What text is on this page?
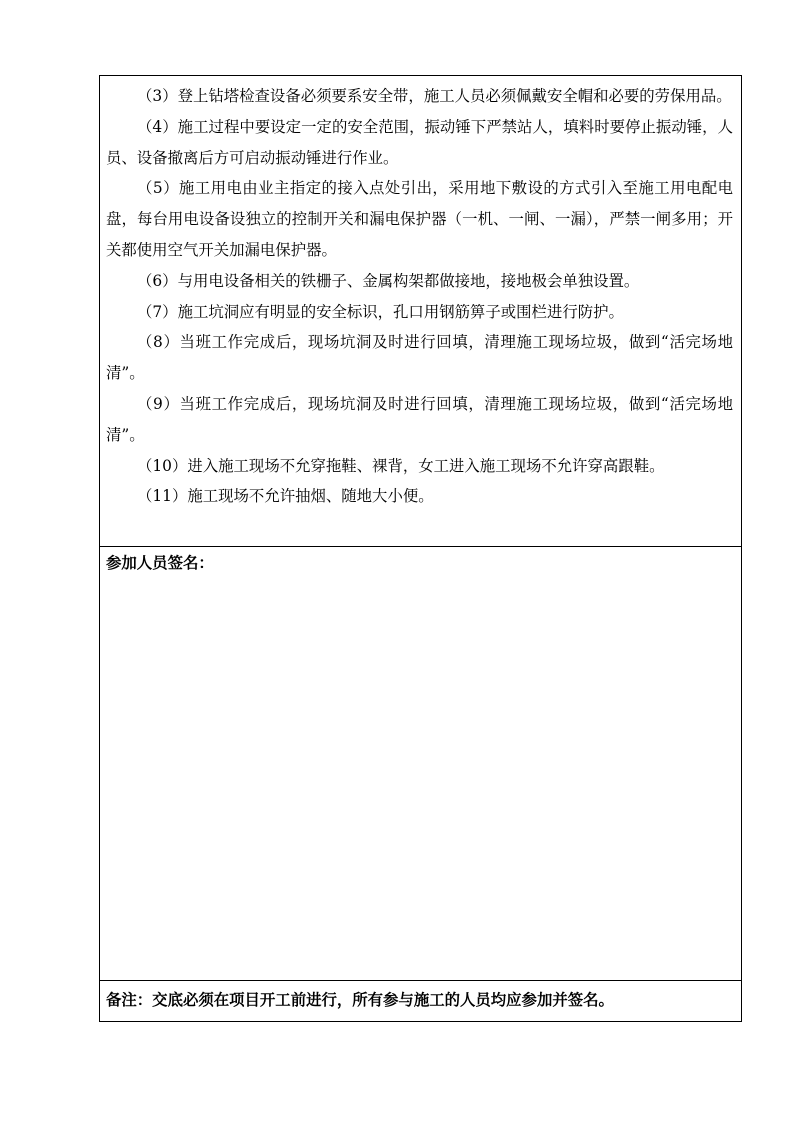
（3）登上钻塔检查设备必须要系安全带，施工人员必须佩戴安全帽和必要的劳保用品。

（4）施工过程中要设定一定的安全范围，振动锤下严禁站人，填料时要停止振动锤，人员、设备撤离后方可启动振动锤进行作业。

（5）施工用电由业主指定的接入点处引出，采用地下敷设的方式引入至施工用电配电盘，每台用电设备设独立的控制开关和漏电保护器（一机、一闸、一漏），严禁一闸多用；开关都使用空气开关加漏电保护器。

（6）与用电设备相关的铁栅子、金属构架都做接地，接地极会单独设置。

（7）施工坑洞应有明显的安全标识，孔口用钢筋箅子或围栏进行防护。

（8）当班工作完成后，现场坑洞及时进行回填，清理施工现场垃圾，做到“活完场地清”。

（9）当班工作完成后，现场坑洞及时进行回填，清理施工现场垃圾，做到“活完场地清”。

（10）进入施工现场不允穿拖鞋、裸背，女工进入施工现场不允许穿高跟鞋。

（11）施工现场不允许抽烟、随地大小便。

参加人员签名：

备注：交底必须在项目开工前进行，所有参与施工的人员均应参加并签名。
